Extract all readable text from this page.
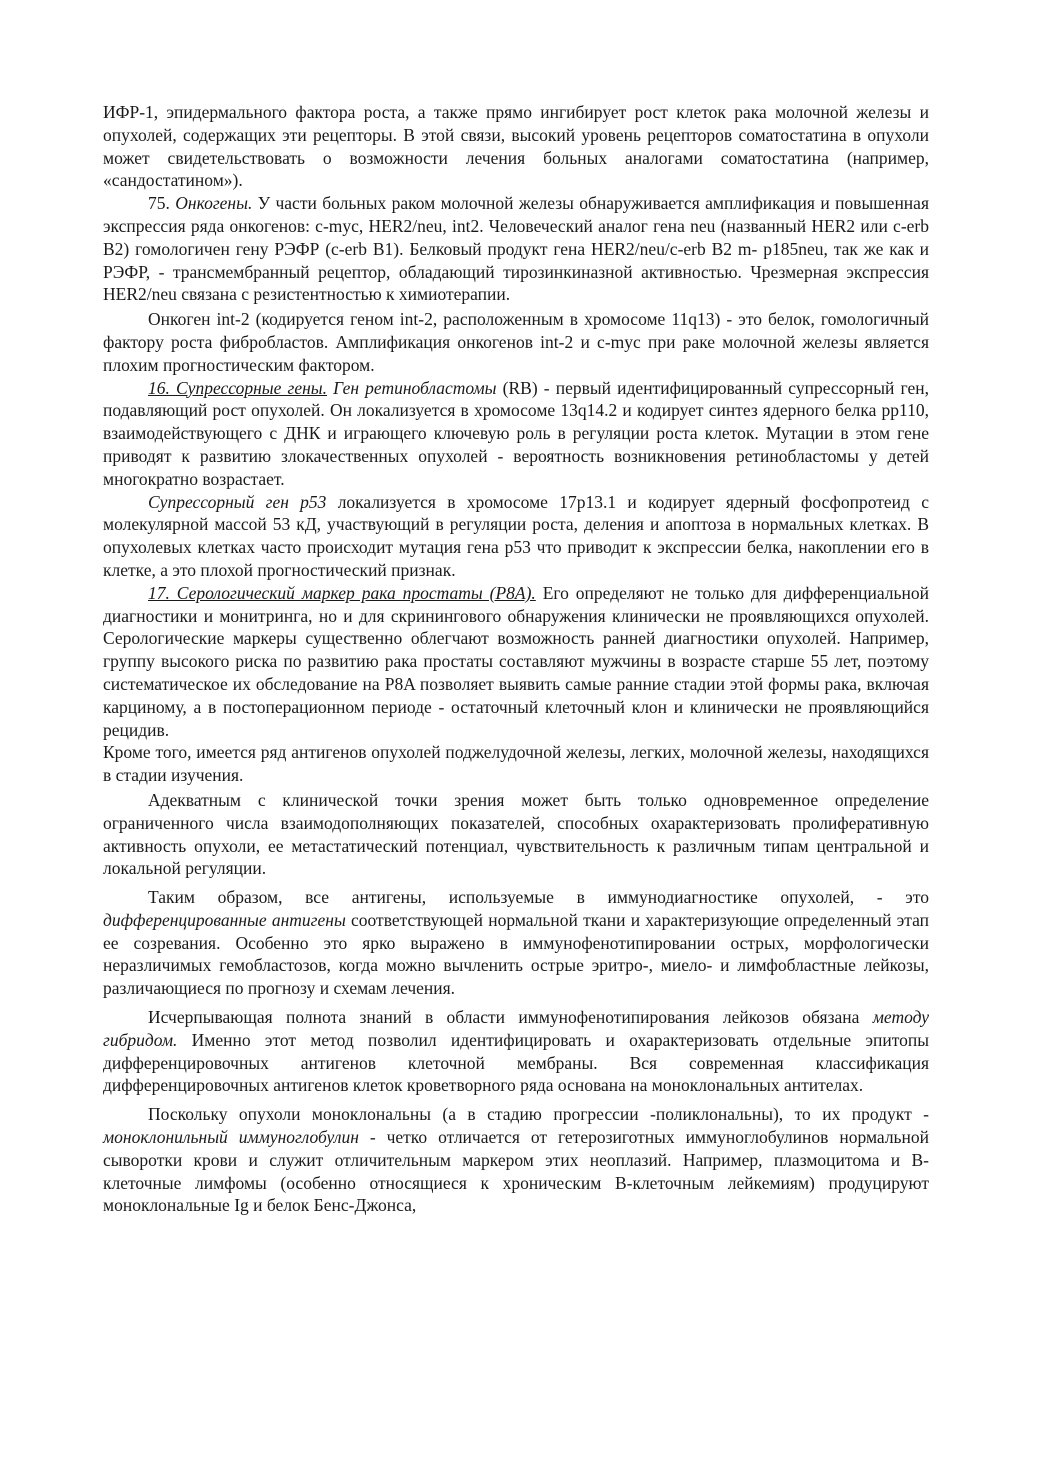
ИФР-1, эпидермального фактора роста, а также прямо ингибирует рост клеток рака молочной железы и опухолей, содержащих эти рецепторы. В этой связи, высокий уровень рецепторов соматостатина в опухоли может свидетельствовать о возможности лечения больных аналогами соматостатина (например, «сандостатином»).

75. Онкогены. У части больных раком молочной железы обнаруживается амплификация и повышенная экспрессия ряда онкогенов: c-myc, HER2/neu, int2. Человеческий аналог гена neu (названный HER2 или c-erb B2) гомологичен гену РЭФР (c-erb B1). Белковый продукт гена HER2/neu/c-erb B2 m- p185neu, так же как и РЭФР, - трансмембранный рецептор, обладающий тирозинкиназной активностью. Чрезмерная экспрессия HER2/neu связана с резистентностью к химиотерапии.

Онкоген int-2 (кодируется геном int-2, расположенным в хромосоме 11q13) - это белок, гомологичный фактору роста фибробластов. Амплификация онкогенов int-2 и c-myc при раке молочной железы является плохим прогностическим фактором.

16. Супрессорные гены. Ген ретинобластомы (RB) - первый идентифицированный супрессорный ген, подавляющий рост опухолей. Он локализуется в хромосоме 13q14.2 и кодирует синтез ядерного белка pp110, взаимодействующего с ДНК и играющего ключевую роль в регуляции роста клеток. Мутации в этом гене приводят к развитию злокачественных опухолей - вероятность возникновения ретинобластомы у детей многократно возрастает.

Супрессорный ген p53 локализуется в хромосоме 17p13.1 и кодирует ядерный фосфопротеид с молекулярной массой 53 кД, участвующий в регуляции роста, деления и апоптоза в нормальных клетках. В опухолевых клетках часто происходит мутация гена p53 что приводит к экспрессии белка, накоплении его в клетке, а это плохой прогностический признак.

17. Серологический маркер рака простаты (P8A). Его определяют не только для дифференциальной диагностики и монитринга, но и для скринингового обнаружения клинически не проявляющихся опухолей. Серологические маркеры существенно облегчают возможность ранней диагностики опухолей. Например, группу высокого риска по развитию рака простаты составляют мужчины в возрасте старше 55 лет, поэтому систематическое их обследование на P8A позволяет выявить самые ранние стадии этой формы рака, включая карциному, а в постоперационном периоде - остаточный клеточный клон и клинически не проявляющийся рецидив.

Кроме того, имеется ряд антигенов опухолей поджелудочной железы, легких, молочной железы, находящихся в стадии изучения.

Адекватным с клинической точки зрения может быть только одновременное определение ограниченного числа взаимодополняющих показателей, способных охарактеризовать пролиферативную активность опухоли, ее метастатический потенциал, чувствительность к различным типам центральной и локальной регуляции.

Таким образом, все антигены, используемые в иммунодиагностике опухолей, - это дифференцированные антигены соответствующей нормальной ткани и характеризующие определенный этап ее созревания. Особенно это ярко выражено в иммунофенотипировании острых, морфологически неразличимых гемобластозов, когда можно вычленить острые эритро-, миело- и лимфобластные лейкозы, различающиеся по прогнозу и схемам лечения.

Исчерпывающая полнота знаний в области иммунофенотипирования лейкозов обязана методу гибридом. Именно этот метод позволил идентифицировать и охарактеризовать отдельные эпитопы дифференцировочных антигенов клеточной мембраны. Вся современная классификация дифференцировочных антигенов клеток кроветворного ряда основана на моноклональных антителах.

Поскольку опухоли моноклональны (а в стадию прогрессии -поликлональны), то их продукт - моноклонильный иммуноглобулин - четко отличается от гетерозиготных иммуноглобулинов нормальной сыворотки крови и служит отличительным маркером этих неоплазий. Например, плазмоцитома и B-клеточные лимфомы (особенно относящиеся к хроническим B-клеточным лейкемиям) продуцируют моноклональные Ig и белок Бенс-Джонса,
